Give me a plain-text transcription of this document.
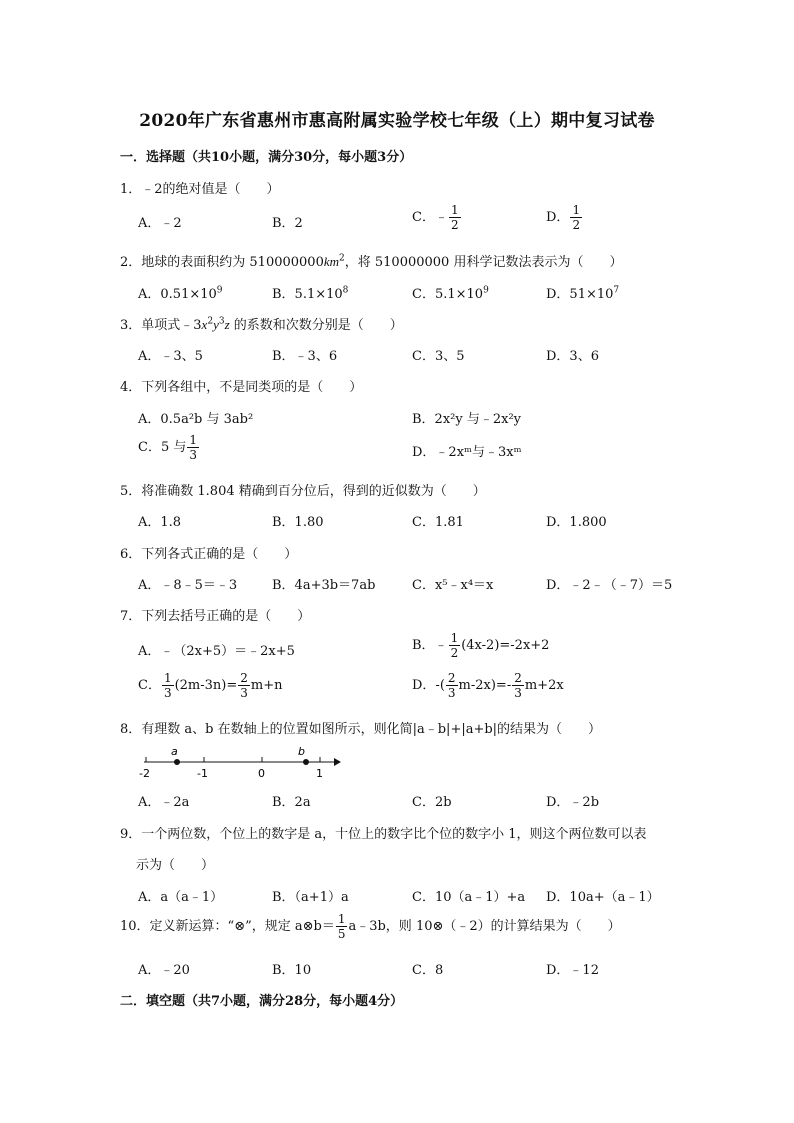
2020年广东省惠州市惠高附属实验学校七年级（上）期中复习试卷
一．选择题（共10小题，满分30分，每小题3分）
1．﹣2的绝对值是（　　）
A．﹣2	B．2	C．﹣ $\frac{1}{2}$	D． $\frac{1}{2}$
2．地球的表面积约为 $510000000km^2$，将 510000000 用科学记数法表示为（　　）
A．$0.51\times 10^9$	B．$5.1\times 10^8$	C．$5.1\times 10^9$	D．$51\times 10^7$
3．单项式$﹣3x^2y^3z$ 的系数和次数分别是（　　）
A．﹣3、5	B．﹣3、6	C．3、5	D．3、6
4．下列各组中，不是同类项的是（　　）
A．0.5a²b 与 3ab²	B．2x²y 与﹣2x²y
C．5 与 $\frac{1}{3}$	D．﹣2xᵐ与﹣3xᵐ
5．将准确数 1.804 精确到百分位后，得到的近似数为（　　）
A．1.8	B．1.80	C．1.81	D．1.800
6．下列各式正确的是（　　）
A．﹣8﹣5＝﹣3	B．4a+3b＝7ab	C．x⁵﹣x⁴＝x	D．﹣2﹣（﹣7）＝5
7．下列去括号正确的是（　　）
A．﹣（2x+5）＝﹣2x+5	B．﹣ $\frac{1}{2} (4x-2)=-2x+2$
C． $\frac{1}{3} (2m-3n)= \frac{2}{3} m+n$	D．-( $\frac{2}{3} m-2x)=- \frac{2}{3} m+2x$
8．有理数 a、b 在数轴上的位置如图所示，则化简|a﹣b|+|a+b|的结果为（　　）
a	b
-2	-1	0	1
A．﹣2a	B．2a	C．2b	D．﹣2b
9．一个两位数，个位上的数字是 a，十位上的数字比个位的数字小 1，则这个两位数可以表
示为（　　）
A．a（a﹣1）	B．（a+1）a	C．10（a﹣1）+a D．10a+（a﹣1）
10．定义新运算：“⊗”，规定 a⊗b＝ $\frac{1}{5}$ a﹣3b，则 10⊗（﹣2）的计算结果为（　　）
A．﹣20	B．10	C．8	D．﹣12
二．填空题（共7小题，满分28分，每小题4分）
